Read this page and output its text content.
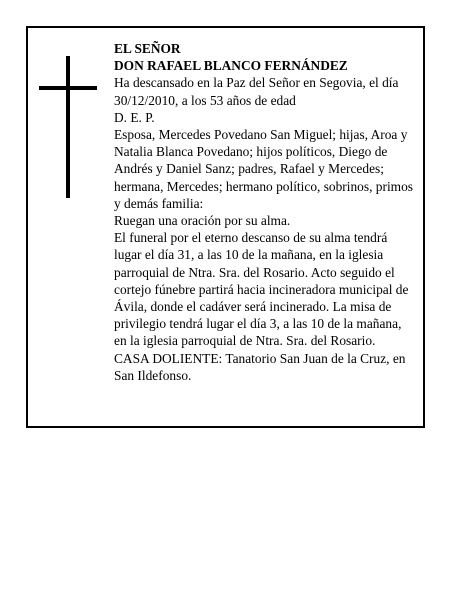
EL SEÑOR

DON RAFAEL BLANCO FERNÁNDEZ

Ha descansado en la Paz del Señor en Segovia, el día 30/12/2010, a los 53 años de edad

D. E. P.

Esposa, Mercedes Povedano San Miguel; hijas, Aroa y Natalia Blanca Povedano; hijos políticos, Diego de Andrés y Daniel Sanz; padres, Rafael y Mercedes; hermana, Mercedes; hermano político, sobrinos, primos y demás familia:

Ruegan una oración por su alma.

El funeral por el eterno descanso de su alma tendrá lugar el día 31, a las 10 de la mañana, en la iglesia parroquial de Ntra. Sra. del Rosario. Acto seguido el cortejo fúnebre partirá hacia incineradora municipal de Ávila, donde el cadáver será incinerado. La misa de privilegio tendrá lugar el día 3, a las 10 de la mañana, en la iglesia parroquial de Ntra. Sra. del Rosario.

CASA DOLIENTE: Tanatorio San Juan de la Cruz, en San Ildefonso.
